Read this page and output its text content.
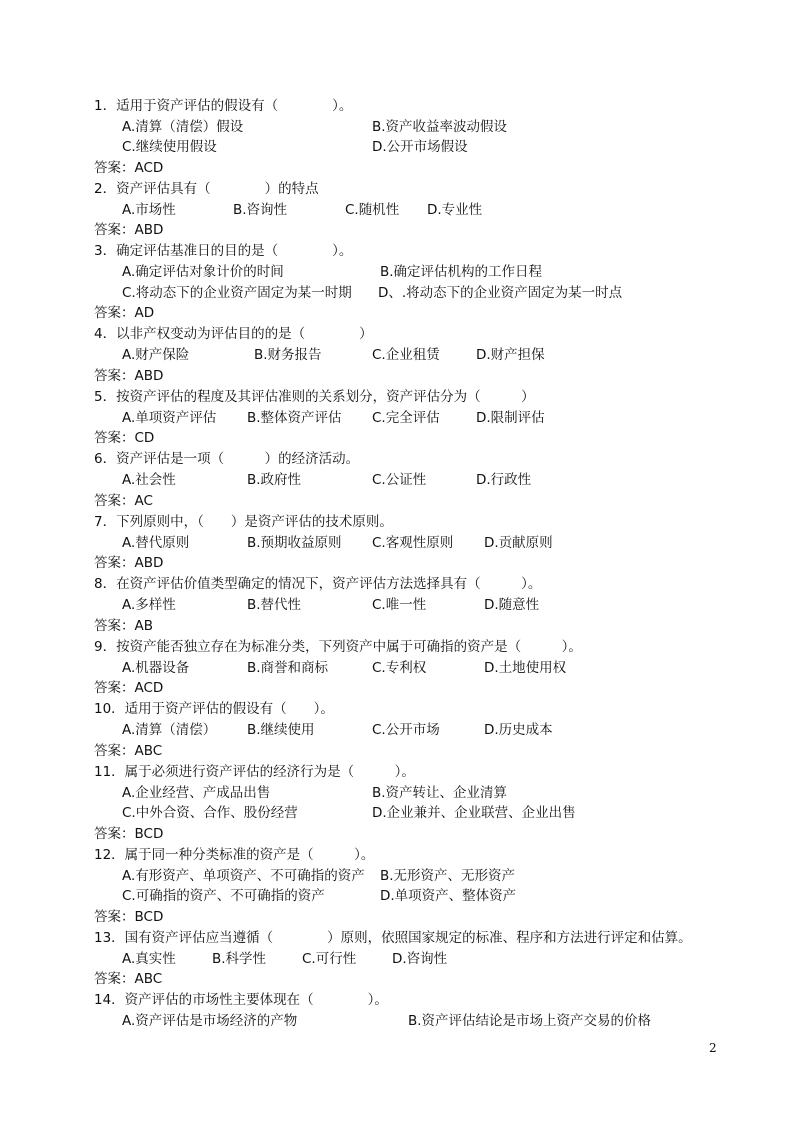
1．适用于资产评估的假设有（　　　　）。
A.清算（清偿）假设	B.资产收益率波动假设
C.继续使用假设	D.公开市场假设
答案：ACD
2．资产评估具有（　　　　）的特点
A.市场性	B.咨询性	C.随机性 D.专业性
答案：ABD
3．确定评估基准日的目的是（　　　　）。
A.确定评估对象计价的时间	B.确定评估机构的工作日程
C.将动态下的企业资产固定为某一时期 D、.将动态下的企业资产固定为某一时点
答案：AD
4．以非产权变动为评估目的的是（　　　　）
A.财产保险	B.财务报告	C.企业租赁	D.财产担保
答案：ABD
5．按资产评估的程度及其评估准则的关系划分，资产评估分为（　　　）
A.单项资产评估 B.整体资产评估 C.完全评估	D.限制评估
答案：CD
6．资产评估是一项（　　　）的经济活动。
A.社会性	B.政府性	C.公证性	D.行政性
答案：AC
7．下列原则中，（　　）是资产评估的技术原则。
A.替代原则	B.预期收益原则 C.客观性原则 D.贡献原则
答案：ABD
8．在资产评估价值类型确定的情况下，资产评估方法选择具有（　　　）。
A.多样性	B.替代性	C.唯一性	D.随意性
答案：AB
9．按资产能否独立存在为标准分类，下列资产中属于可确指的资产是（　　　）。
A.机器设备	B.商誉和商标	C.专利权	D.土地使用权
答案：ACD
10．适用于资产评估的假设有（　　）。
A.清算（清偿） B.继续使用	C.公开市场	D.历史成本
答案：ABC
11．属于必须进行资产评估的经济行为是（　　　）。
A.企业经营、产成品出售	B.资产转让、企业清算
C.中外合资、合作、股份经营	D.企业兼并、企业联营、企业出售
答案：BCD
12．属于同一种分类标准的资产是（　　　）。
A.有形资产、单项资产、不可确指的资产 B.无形资产、无形资产
C.可确指的资产、不可确指的资产	D.单项资产、整体资产
答案：BCD
13．国有资产评估应当遵循（　　　　）原则，依照国家规定的标准、程序和方法进行评定和估算。
A.真实性	B.科学性	C.可行性	D.咨询性
答案：ABC
14．资产评估的市场性主要体现在（　　　　）。
A.资产评估是市场经济的产物	B.资产评估结论是市场上资产交易的价格
2
